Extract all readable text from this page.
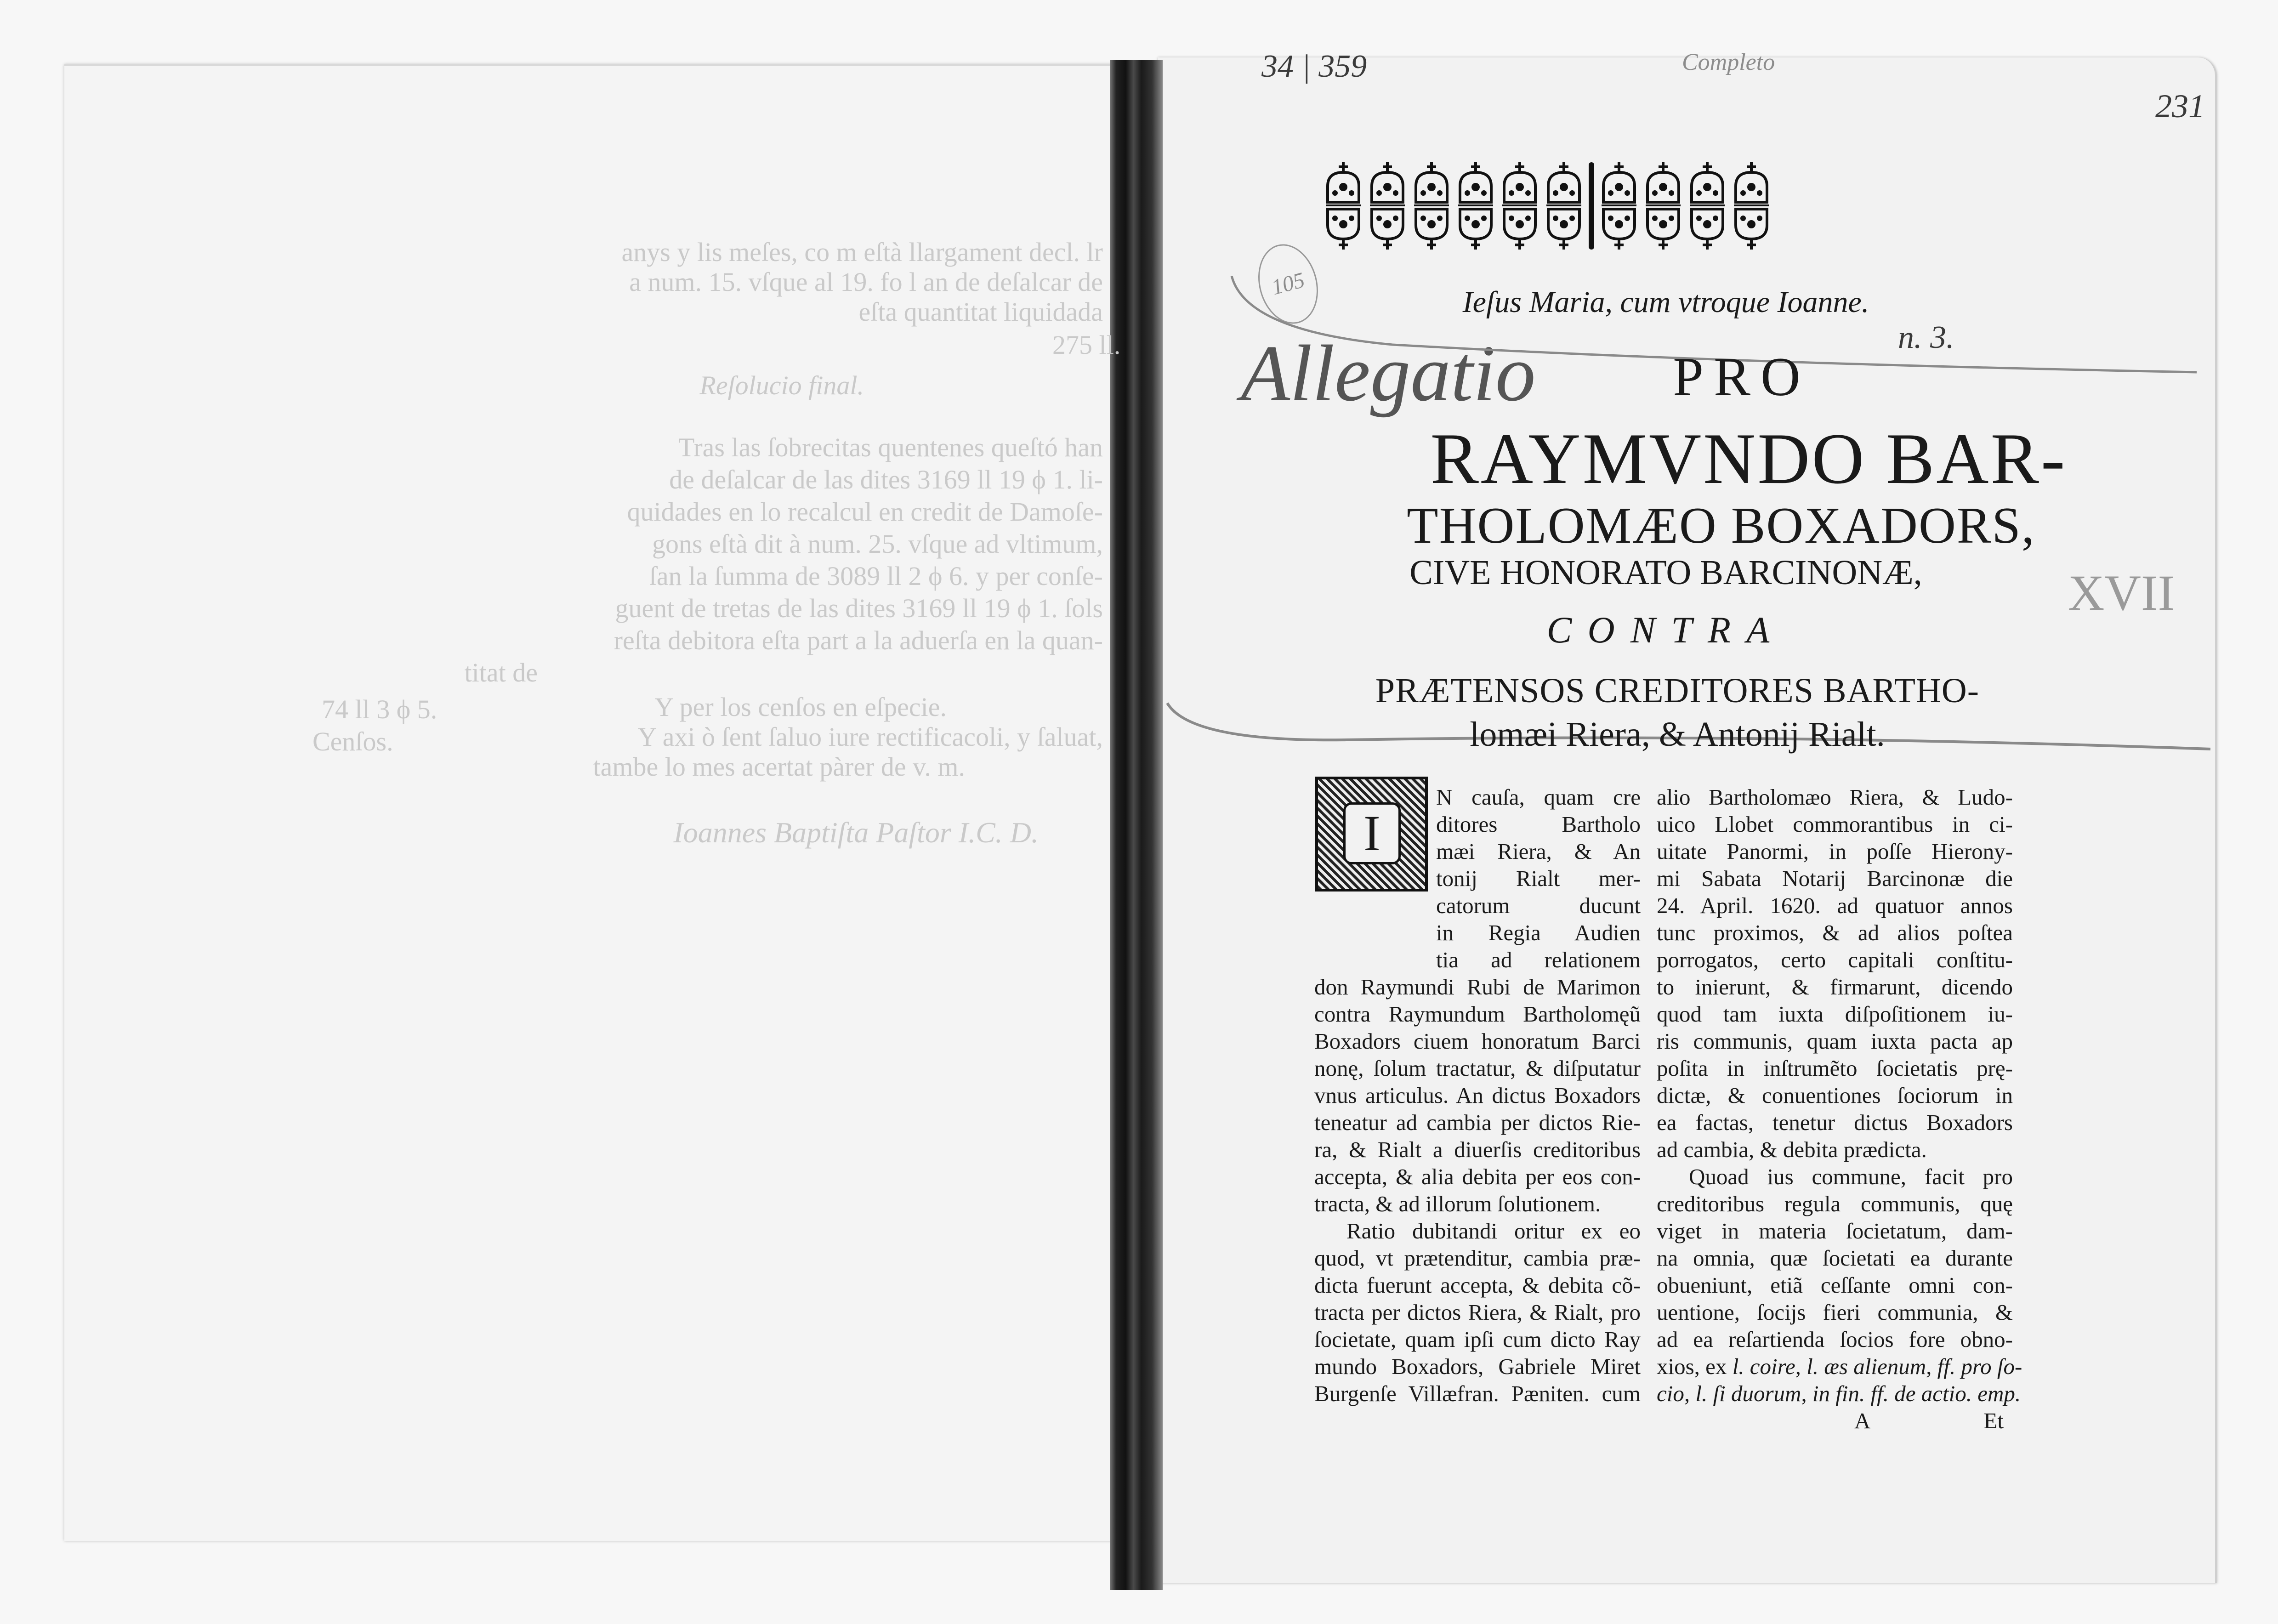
anys y lis meſes, co m eſtà llargament decl. lr
a num. 15. vſque al 19. fo l an de deſalcar de
eſta quantitat liquidada
Reſolucio final.
Tras las ſobrecitas quentenes queſtó han
de deſalcar de las dites 3169 ll 19 ϕ 1. li-
quidades en lo recalcul en credit de Damoſe-
gons eſtà dit à num. 25. vſque ad vltimum,
ſan la ſumma de 3089 ll 2 ϕ 6. y per conſe-
guent de tretas de las dites 3169 ll 19 ϕ 1. ſols
reſta debitora eſta part a la aduerſa en la quan-
titat de
Y per los cenſos en eſpecie.
Y axi ò ſent ſaluo iure rectificacoli, y ſaluat,
tambe lo mes acertat pàrer de v. m.
Ioannes Baptiſta Paſtor I.C. D.
275 ll.
74 ll 3 ϕ 5.
Cenſos.
34 | 359	Completo
231
105
n. 3.
Allegatio
XVII
Ieſus Maria, cum vtroque Ioanne.
PRO
RAYMVNDO BAR-
THOLOMÆO BOXADORS,
CIVE HONORATO BARCINONÆ,
CONTRA
PRÆTENSOS CREDITORES BARTHO-
lomæi Riera, & Antonij Rialt.
I
N cauſa, quam cre
ditores Bartholo
mæi Riera, & An
tonij Rialt mer-
catorum ducunt
in Regia Audien
tia ad relationem
don Raymundi Rubi de Marimon
contra Raymundum Bartholomęũ
Boxadors ciuem honoratum Barci
nonę, ſolum tractatur, & diſputatur
vnus articulus. An dictus Boxadors
teneatur ad cambia per dictos Rie-
ra, & Rialt a diuerſis creditoribus
accepta, & alia debita per eos con-
tracta, & ad illorum ſolutionem.
Ratio dubitandi oritur ex eo
quod, vt prætenditur, cambia præ-
dicta fuerunt accepta, & debita cõ-
tracta per dictos Riera, & Rialt, pro
ſocietate, quam ipſi cum dicto Ray
mundo Boxadors, Gabriele Miret
Burgenſe Villæfran. Pæniten. cum
alio Bartholomæo Riera, & Ludo-
uico Llobet commorantibus in ci-
uitate Panormi, in poſſe Hierony-
mi Sabata Notarij Barcinonæ die
24. April. 1620. ad quatuor annos
tunc proximos, & ad alios poſtea
porrogatos, certo capitali conſtitu-
to inierunt, & firmarunt, dicendo
quod tam iuxta diſpoſitionem iu-
ris communis, quam iuxta pacta ap
poſita in inſtrumẽto ſocietatis prę-
dictæ, & conuentiones ſociorum in
ea factas, tenetur dictus Boxadors
ad cambia, & debita prædicta.
Quoad ius commune, facit pro
creditoribus regula communis, quę
viget in materia ſocietatum, dam-
na omnia, quæ ſocietati ea durante
obueniunt, etiã ceſſante omni con-
uentione, ſocijs fieri communia, &
ad ea reſartienda ſocios fore obno-
xios, ex l. coire, l. æs alienum, ff. pro ſo-
cio, l. ſi duorum, in fin. ff. de actio. emp.
A	Et
